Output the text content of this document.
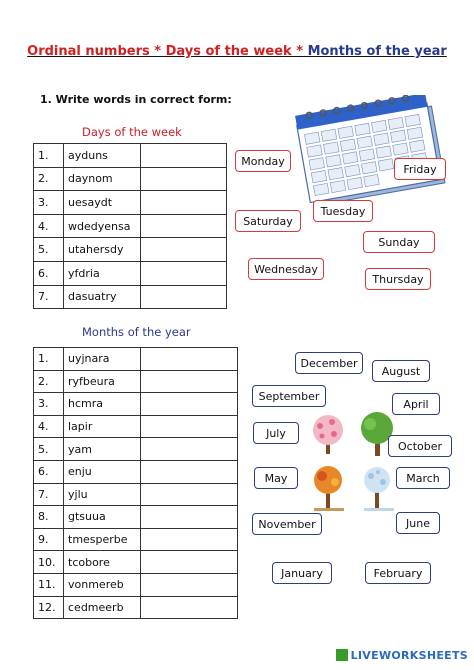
Ordinal numbers * Days of the week * Months of the year
1. Write words in correct form:
Days of the week
1.	ayduns	
2.	daynom	
3.	uesaydt	
4.	wdedyensa	
5.	utahersdy	
6.	yfdria	
7.	dasuatry	
Monday
Friday
Tuesday
Saturday
Sunday
Wednesday
Thursday
Months of the year
1.	uyjnara	
2.	ryfbeura	
3.	hcmra	
4.	lapir	
5.	yam	
6.	enju	
7.	yjlu	
8.	gtsuua	
9.	tmesperbe	
10.	tcobore	
11.	vonmereb	
12.	cedmeerb	
December
August
September
April
July
October
May	March
November	June
January	February
LIVEWORKSHEETS
